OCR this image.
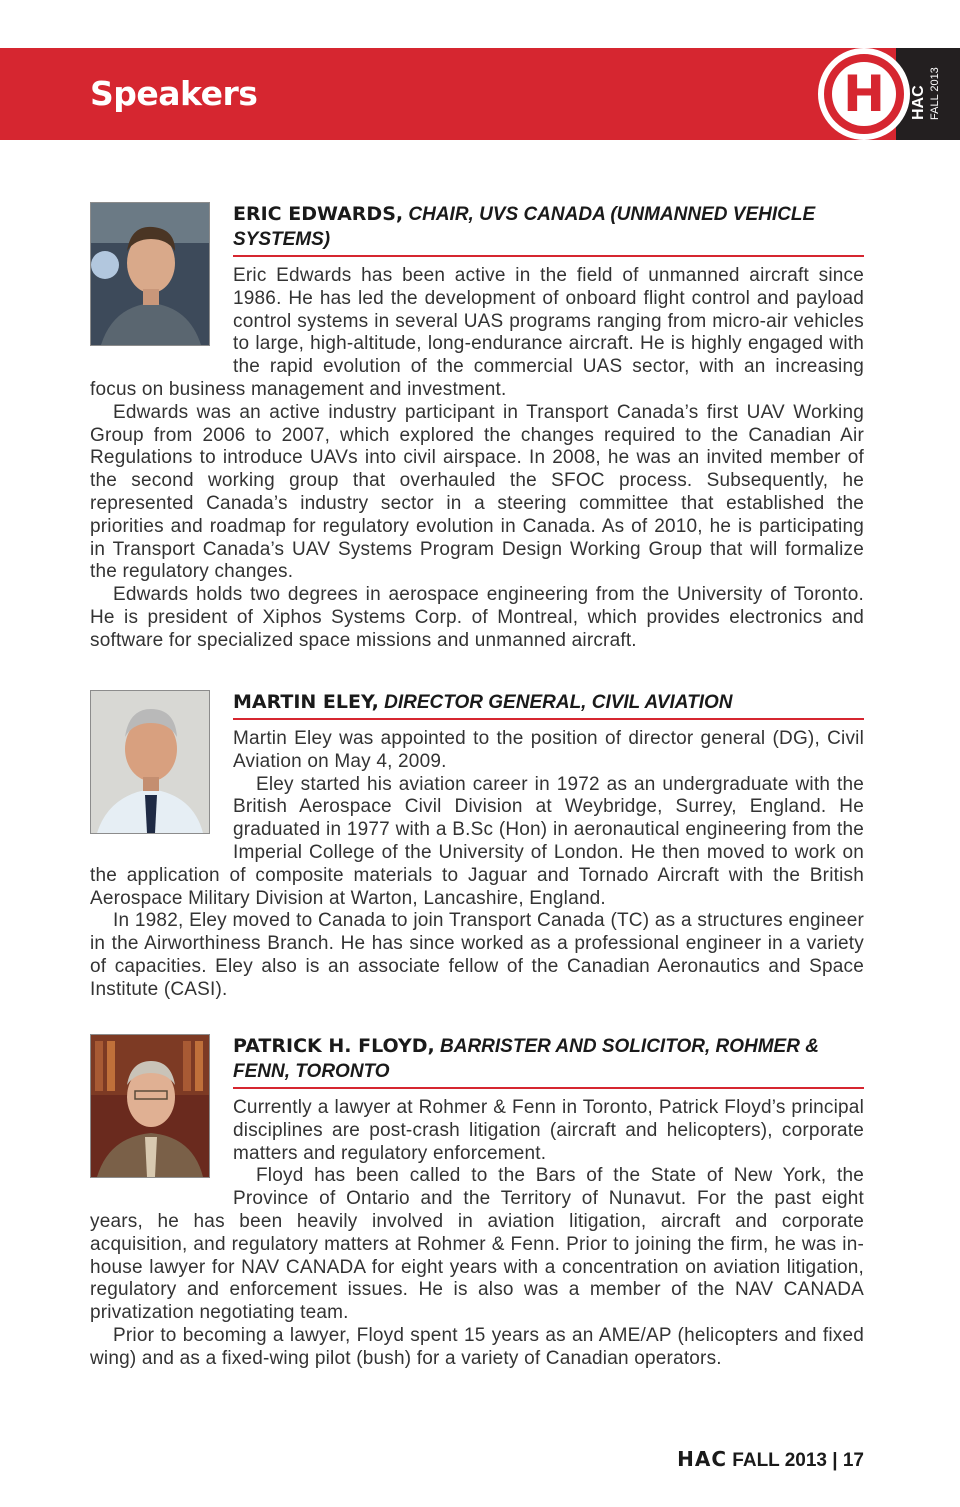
Speakers	H HAC FALL 2013
ERIC EDWARDS, CHAIR, UVS CANADA (UNMANNED VEHICLE SYSTEMS)

Eric Edwards has been active in the field of unmanned aircraft since 1986. He has led the development of onboard flight control and payload control systems in several UAS programs ranging from micro-air vehicles to large, high-altitude, long-endurance aircraft. He is highly engaged with the rapid evolution of the commercial UAS sector, with an increasing focus on business management and investment.

Edwards was an active industry participant in Transport Canada’s first UAV Working Group from 2006 to 2007, which explored the changes required to the Canadian Air Regulations to introduce UAVs into civil airspace. In 2008, he was an invited member of the second working group that overhauled the SFOC process. Subsequently, he represented Canada’s industry sector in a steering committee that established the priorities and roadmap for regulatory evolution in Canada. As of 2010, he is participating in Transport Canada’s UAV Systems Program Design Working Group that will formalize the regulatory changes.

Edwards holds two degrees in aerospace engineering from the University of Toronto. He is president of Xiphos Systems Corp. of Montreal, which provides electronics and software for specialized space missions and unmanned aircraft.

MARTIN ELEY, DIRECTOR GENERAL, CIVIL AVIATION

Martin Eley was appointed to the position of director general (DG), Civil Aviation on May 4, 2009.

Eley started his aviation career in 1972 as an undergraduate with the British Aerospace Civil Division at Weybridge, Surrey, England. He graduated in 1977 with a B.Sc (Hon) in aeronautical engineering from the Imperial College of the University of London. He then moved to work on the application of composite materials to Jaguar and Tornado Aircraft with the British Aerospace Military Division at Warton, Lancashire, England.

In 1982, Eley moved to Canada to join Transport Canada (TC) as a structures engineer in the Airworthiness Branch. He has since worked as a professional engineer in a variety of capacities. Eley also is an associate fellow of the Canadian Aeronautics and Space Institute (CASI).

PATRICK H. FLOYD, BARRISTER AND SOLICITOR, ROHMER & FENN, TORONTO

Currently a lawyer at Rohmer & Fenn in Toronto, Patrick Floyd’s principal disciplines are post-crash litigation (aircraft and helicopters), corporate matters and regulatory enforcement.

Floyd has been called to the Bars of the State of New York, the Province of Ontario and the Territory of Nunavut. For the past eight years, he has been heavily involved in aviation litigation, aircraft and corporate acquisition, and regulatory matters at Rohmer & Fenn. Prior to joining the firm, he was in-house lawyer for NAV CANADA for eight years with a concentration on aviation litigation, regulatory and enforcement issues. He is also was a member of the NAV CANADA privatization negotiating team.

Prior to becoming a lawyer, Floyd spent 15 years as an AME/AP (helicopters and fixed wing) and as a fixed-wing pilot (bush) for a variety of Canadian operators.

HAC FALL 2013 | 17
